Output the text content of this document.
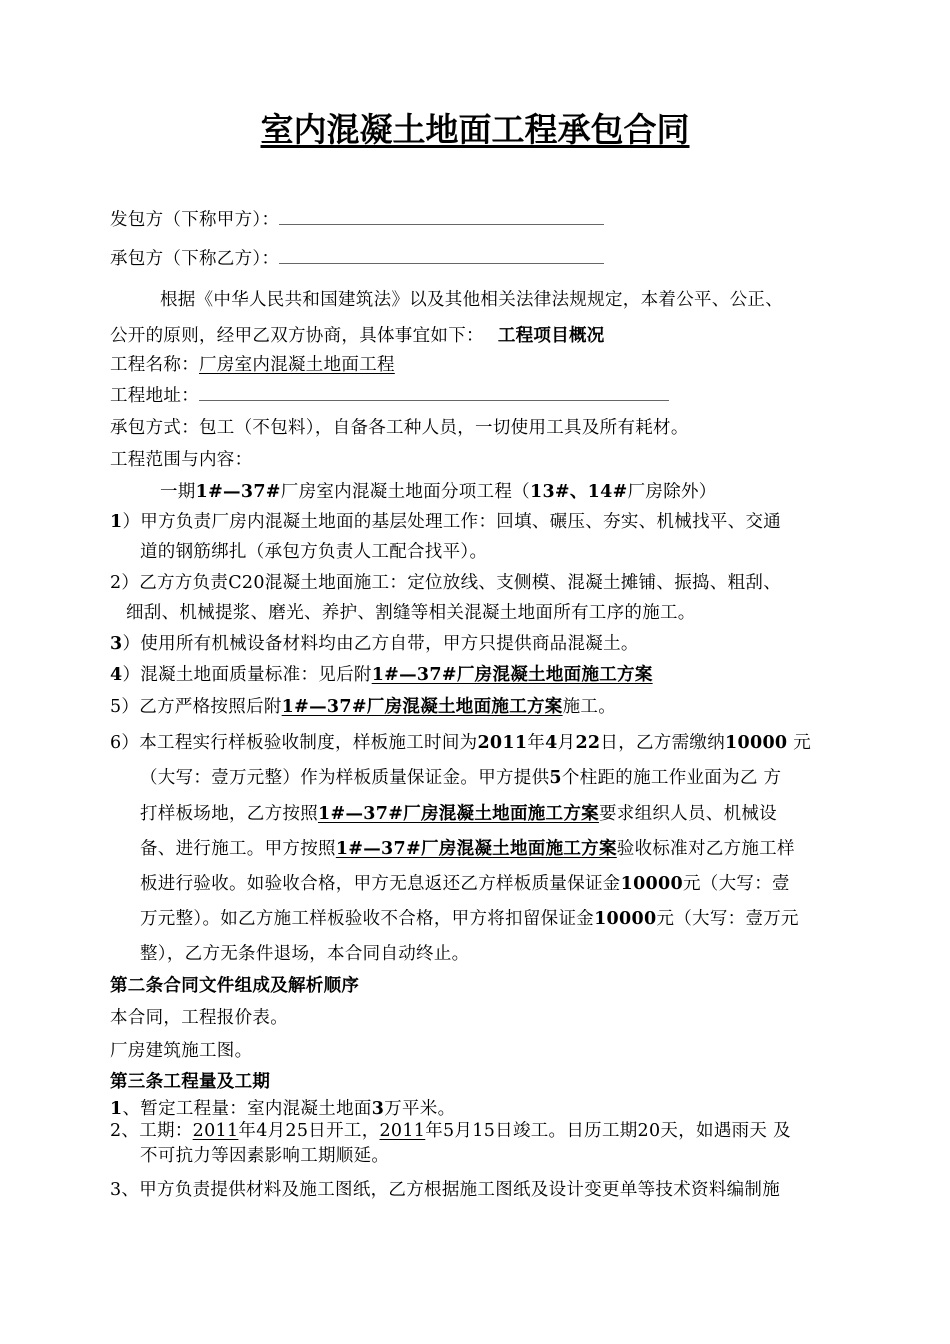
室内混凝土地面工程承包合同
发包方（下称甲方）：
承包方（下称乙方）：
根据《中华人民共和国建筑法》以及其他相关法律法规规定，本着公平、公正、
公开的原则，经甲乙双方协商，具体事宜如下： 工程项目概况
工程名称：厂房室内混凝土地面工程
工程地址：
承包方式：包工（不包料），自备各工种人员，一切使用工具及所有耗材。
工程范围与内容：
一期1#—37#厂房室内混凝土地面分项工程（13#、14#厂房除外）
1）甲方负责厂房内混凝土地面的基层处理工作：回填、碾压、夯实、机械找平、交通
道的钢筋绑扎（承包方负责人工配合找平）。
2）乙方方负责C20混凝土地面施工：定位放线、支侧模、混凝土摊铺、振捣、粗刮、
细刮、机械提浆、磨光、养护、割缝等相关混凝土地面所有工序的施工。
3）使用所有机械设备材料均由乙方自带，甲方只提供商品混凝土。
4）混凝土地面质量标准：见后附1#—37#厂房混凝土地面施工方案
5）乙方严格按照后附1#—37#厂房混凝土地面施工方案施工。
6）本工程实行样板验收制度，样板施工时间为2011年4月22日，乙方需缴纳10000 元
（大写：壹万元整）作为样板质量保证金。甲方提供5个柱距的施工作业面为乙 方
打样板场地，乙方按照1#—37#厂房混凝土地面施工方案要求组织人员、机械设
备、进行施工。甲方按照1#—37#厂房混凝土地面施工方案验收标准对乙方施工样
板进行验收。如验收合格，甲方无息返还乙方样板质量保证金10000元（大写：壹
万元整）。如乙方施工样板验收不合格，甲方将扣留保证金10000元（大写：壹万元
整），乙方无条件退场，本合同自动终止。
第二条合同文件组成及解析顺序
本合同，工程报价表。
厂房建筑施工图。
第三条工程量及工期
1、暂定工程量：室内混凝土地面3万平米。
2、工期：2011年4月25日开工，2011年5月15日竣工。日历工期20天，如遇雨天 及
不可抗力等因素影响工期顺延。
3、甲方负责提供材料及施工图纸，乙方根据施工图纸及设计变更单等技术资料编制施
